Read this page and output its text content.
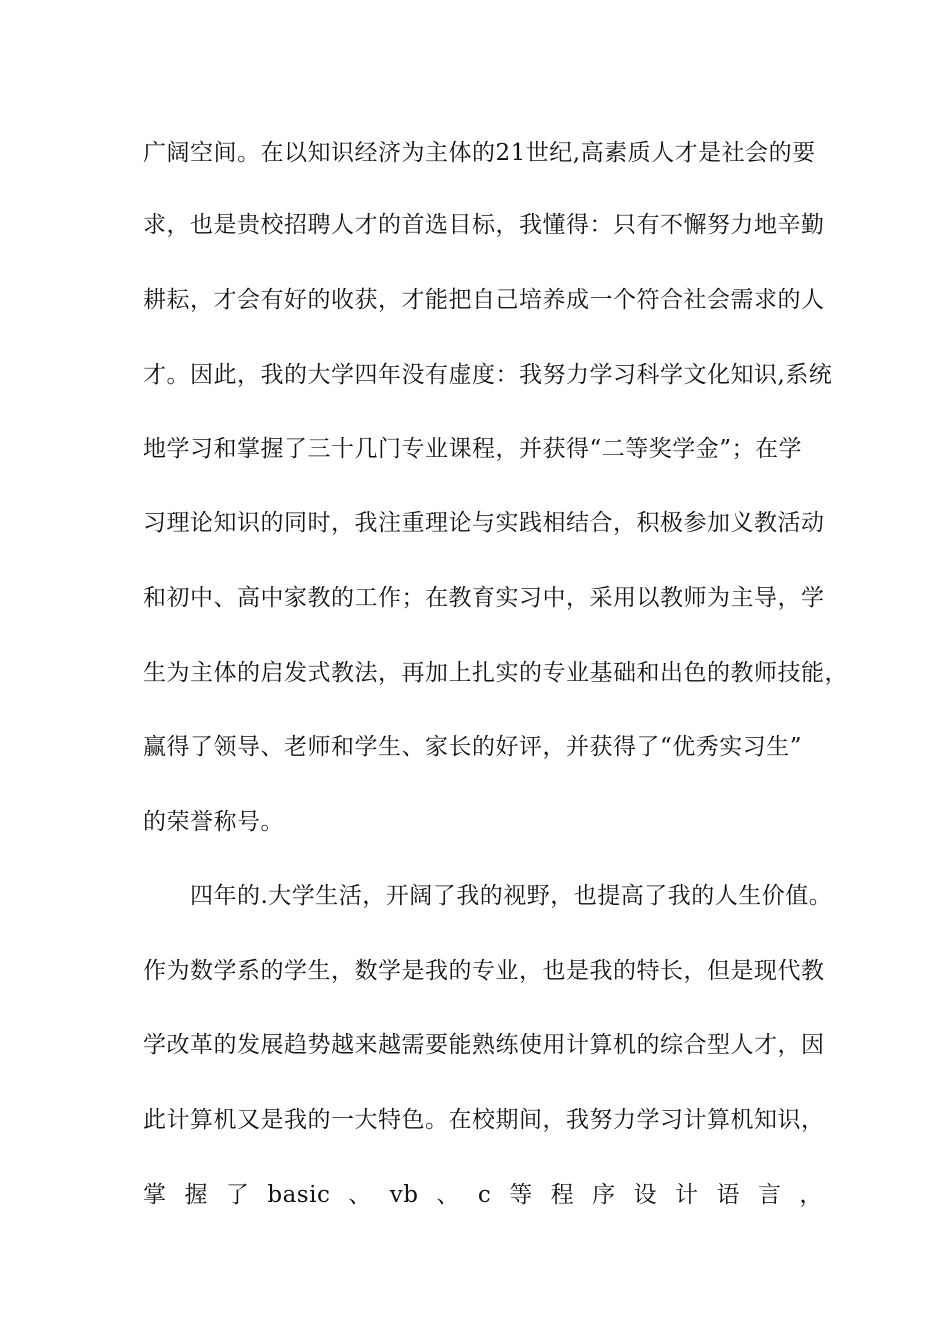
广阔空间。在以知识经济为主体的21世纪,高素质人才是社会的要
求，也是贵校招聘人才的首选目标，我懂得：只有不懈努力地辛勤
耕耘，才会有好的收获，才能把自己培养成一个符合社会需求的人
才。因此，我的大学四年没有虚度：我努力学习科学文化知识,系统
地学习和掌握了三十几门专业课程，并获得“二等奖学金”；在学
习理论知识的同时，我注重理论与实践相结合，积极参加义教活动
和初中、高中家教的工作；在教育实习中，采用以教师为主导，学
生为主体的启发式教法，再加上扎实的专业基础和出色的教师技能，
赢得了领导、老师和学生、家长的好评，并获得了“优秀实习生”
的荣誉称号。
四年的.大学生活，开阔了我的视野，也提高了我的人生价值。
作为数学系的学生，数学是我的专业，也是我的特长，但是现代教
学改革的发展趋势越来越需要能熟练使用计算机的综合型人才，因
此计算机又是我的一大特色。在校期间，我努力学习计算机知识，
掌 握 了 basic 、 vb 、 c 等 程 序 设 计 语 言 ，
